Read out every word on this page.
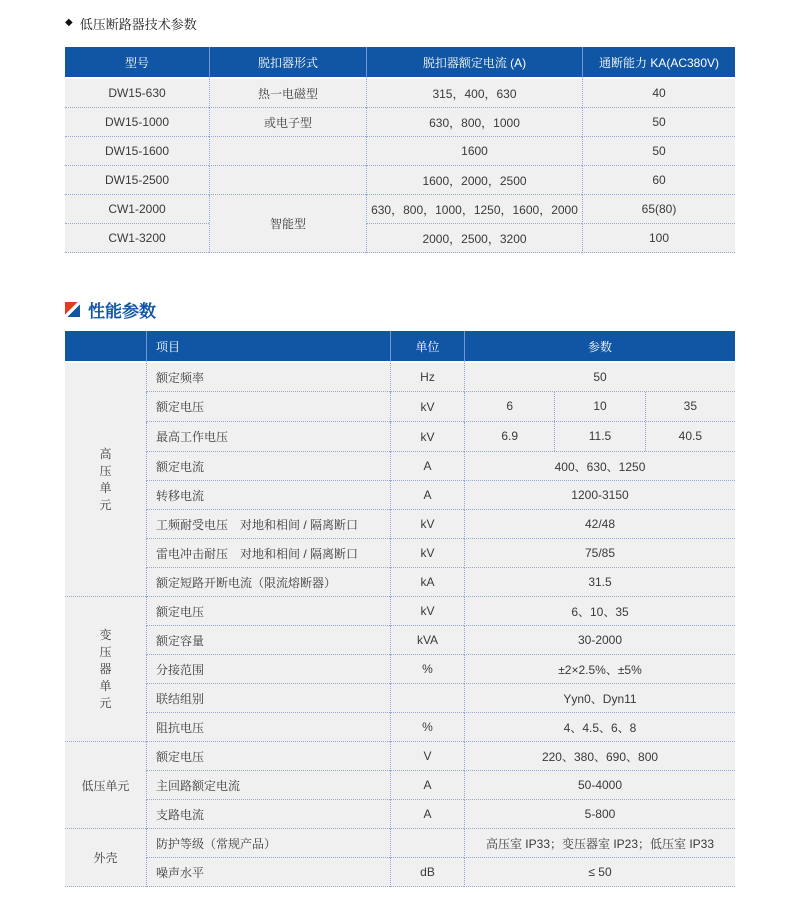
◆ 低压断路器技术参数
型号	脱扣器形式	脱扣器额定电流 (A)	通断能力 KA(AC380V)
DW15-630	热一电磁型	315，400，630	40
DW15-1000	或电子型	630，800，1000	50
DW15-1600		1600	50
DW15-2500		1600，2000，2500	60
CW1-2000	智能型	630，800，1000，1250，1600，2000	65(80)
CW1-3200		2000，2500，3200	100
性能参数
	项目	单位	参数

高压单元	额定频率	Hz	50
	额定电压	kV	6 10 35

	最高工作电压	kV	6.9 11.5 40.5

	额定电流	A	400、630、1250
	转移电流	A	1200-3150
	工频耐受电压　对地和相间 / 隔离断口	kV	42/48
	雷电冲击耐压　对地和相间 / 隔离断口	kV	75/85
	额定短路开断电流（限流熔断器）	kA	31.5

变压器单元	额定电压	kV	6、10、35
	额定容量	kVA	30-2000
	分接范围	%	±2×2.5%、±5%
	联结组别		Yyn0、Dyn11
	阻抗电压	%	4、4.5、6、8
低压单元	额定电压	V	220、380、690、800
	主回路额定电流	A	50-4000
	支路电流	A	5-800
外壳	防护等级（常规产品）		高压室 IP33；变压器室 IP23；低压室 IP33
	噪声水平	dB	≤ 50
